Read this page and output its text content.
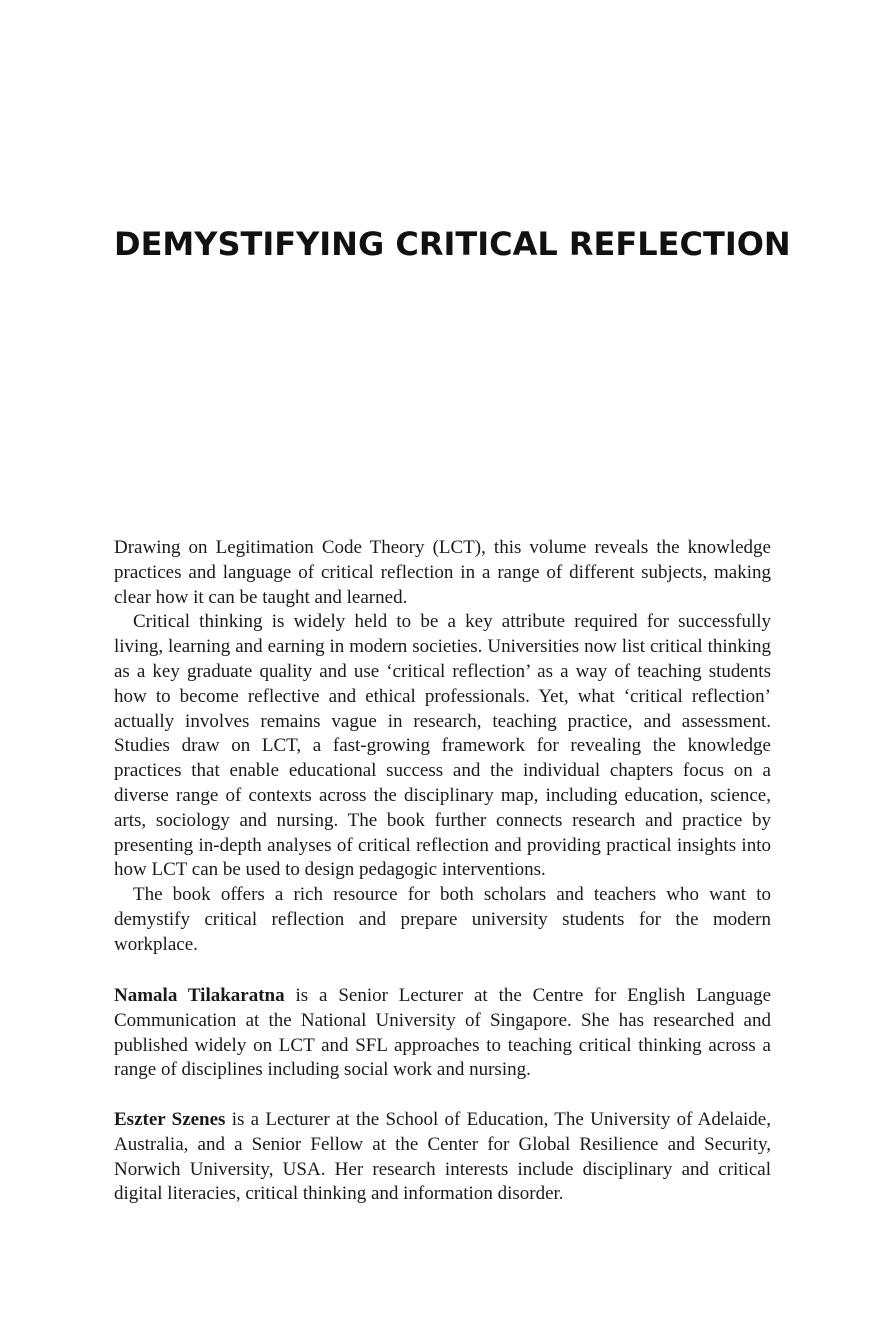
DEMYSTIFYING CRITICAL REFLECTION

Drawing on Legitimation Code Theory (LCT), this volume reveals the knowledge practices and language of critical reflection in a range of different subjects, making clear how it can be taught and learned.

Critical thinking is widely held to be a key attribute required for successfully living, learning and earning in modern societies. Universities now list critical thinking as a key graduate quality and use ‘critical reflection’ as a way of teaching students how to become reflective and ethical professionals. Yet, what ‘critical reflection’ actually involves remains vague in research, teaching practice, and assessment. Studies draw on LCT, a fast-growing framework for revealing the knowledge practices that enable educational success and the individual chapters focus on a diverse range of contexts across the disciplinary map, including education, science, arts, sociology and nursing. The book further connects research and practice by presenting in-depth analyses of critical reflection and providing practical insights into how LCT can be used to design pedagogic interventions.

The book offers a rich resource for both scholars and teachers who want to demystify critical reflection and prepare university students for the modern workplace.

Namala Tilakaratna is a Senior Lecturer at the Centre for English Language Communication at the National University of Singapore. She has researched and published widely on LCT and SFL approaches to teaching critical thinking across a range of disciplines including social work and nursing.

Eszter Szenes is a Lecturer at the School of Education, The University of Adelaide, Australia, and a Senior Fellow at the Center for Global Resilience and Security, Norwich University, USA. Her research interests include disciplinary and critical digital literacies, critical thinking and information disorder.
